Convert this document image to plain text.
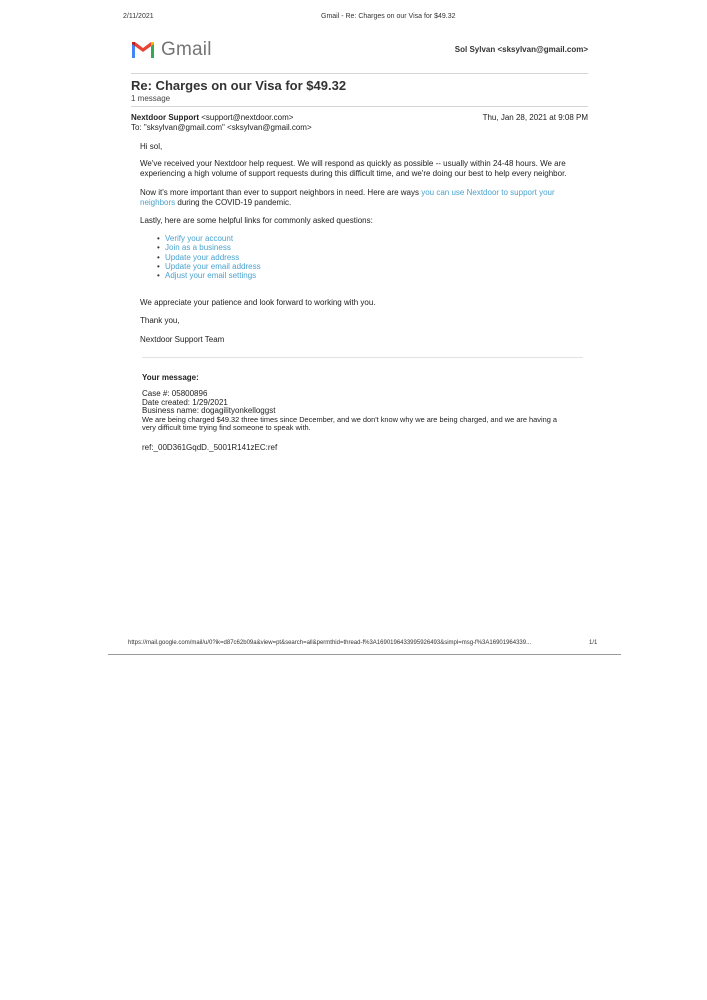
2/11/2021	Gmail - Re: Charges on our Visa for $49.32
Gmail	Sol Sylvan <sksylvan@gmail.com>
Re: Charges on our Visa for $49.32
1 message
Nextdoor Support <support@nextdoor.com>	Thu, Jan 28, 2021 at 9:08 PM
To: "sksylvan@gmail.com" <sksylvan@gmail.com>
Hi sol,
We've received your Nextdoor help request. We will respond as quickly as possible -- usually within 24-48 hours. We are experiencing a high volume of support requests during this difficult time, and we're doing our best to help every neighbor.
Now it's more important than ever to support neighbors in need. Here are ways you can use Nextdoor to support your neighbors during the COVID-19 pandemic.
Lastly, here are some helpful links for commonly asked questions:
• Verify your account
• Join as a business
• Update your address
• Update your email address
• Adjust your email settings
We appreciate your patience and look forward to working with you.
Thank you,
Nextdoor Support Team
Your message:
Case #: 05800896
Date created: 1/29/2021
Business name: dogagilityonkelloggst
We are being charged $49.32 three times since December, and we don't know why we are being charged, and we are having a
very difficult time trying find someone to speak with.
ref:_00D361GqdD._5001R141zEC:ref
https://mail.google.com/mail/u/0?ik=d87c62b09a&view=pt&search=all&permthid=thread-f%3A1690196433995926493&simpl=msg-f%3A16901964339...	1/1
